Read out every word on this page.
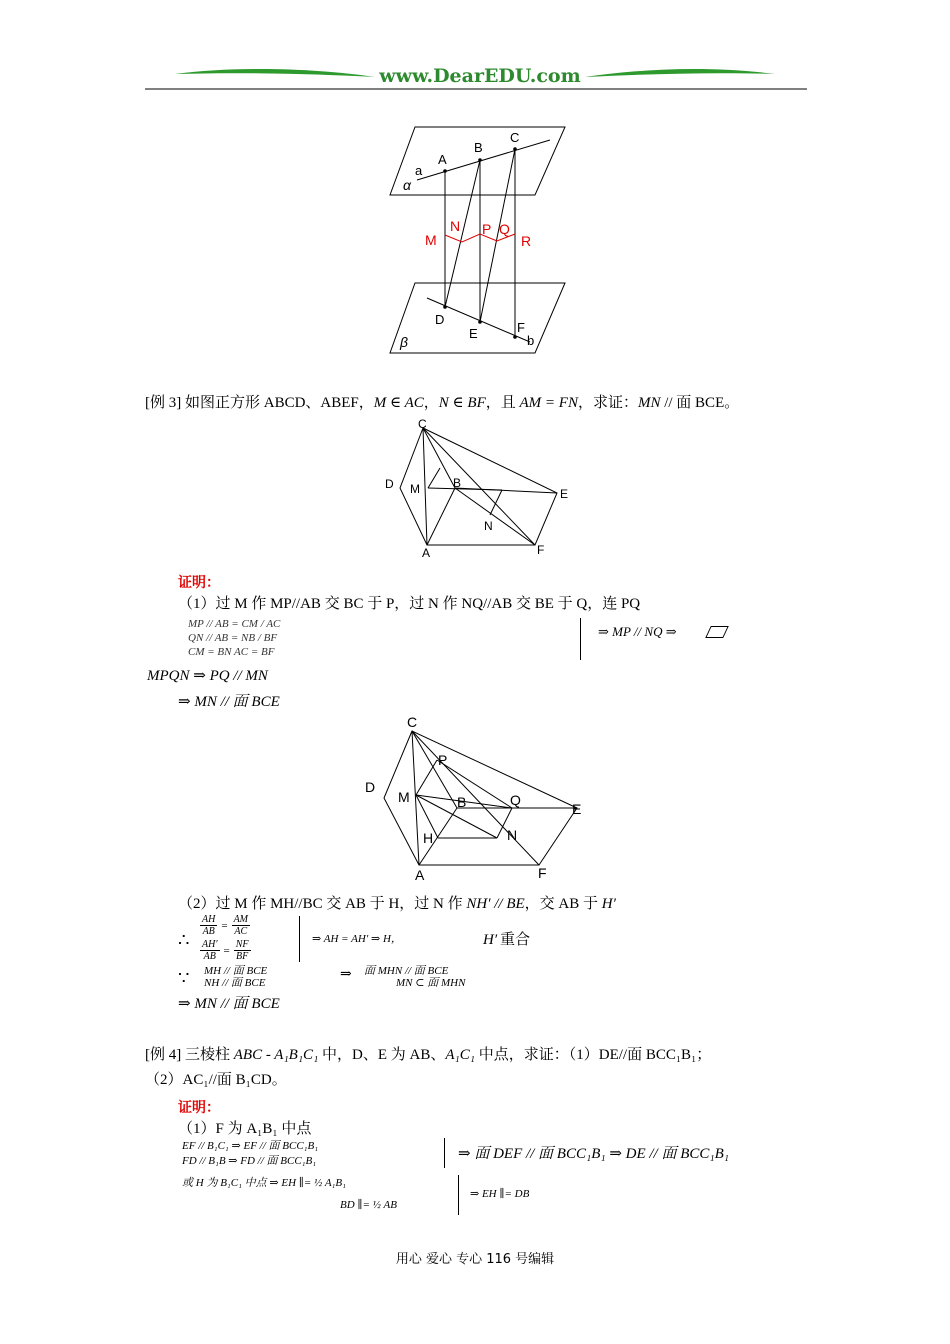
www.DearEDU.com
A
B
C
a
α
M
N P Q
R
D
E	F
b
β
[例 3] 如图正方形 ABCD、ABEF，M ∈ AC，N ∈ BF，且 AM = FN，求证：MN // 面 BCE。
C
D M	B
E
N
A	F
证明：
（1）过 M 作 MP//AB 交 BC 于 P，过 N 作 NQ//AB 交 BE 于 Q，连 PQ
MP // AB = CM / AC
QN // AB = NB / BF
CM = BN AC = BF
⇒ MP // NQ ⇒
MPQN ⇒ PQ // MN
⇒ MN // 面 BCE
C
P
D
M	B	Q
E
H	N
A	F
（2）过 M 作 MH//BC 交 AB 于 H，过 N 作 NH′ // BE，交 AB 于 H′
∴
$\frac{AH}{AB} = \frac{AM}{AC}$
$\frac{AH'}{AB} = \frac{NF}{BF}$	⇒ AH = AH′ ⇒ H，	H′ 重合
∵ MH // 面 BCE
NH // 面 BCE
⇒ 面 MHN // 面 BCE
MN ⊂ 面 MHN
⇒ MN // 面 BCE
[例 4] 三棱柱 ABC - A₁B₁C₁ 中，D、E 为 AB、A₁C₁ 中点，求证：（1）DE//面 BCC₁B₁；
（2）AC₁//面 B₁CD。
证明：
（1）F 为 A₁B₁ 中点
EF // B₁C₁ ⇒ EF // 面 BCC₁B₁
FD // B₁B ⇒ FD // 面 BCC₁B₁	⇒ 面 DEF // 面 BCC₁B₁ ⇒ DE // 面 BCC₁B₁
或 H 为 B₁C₁ 中点 ⇒ EH ∥= ½ A₁B₁
BD ∥= ½ AB
⇒ EH ∥= DB
用心 爱心 专心 116 号编辑
